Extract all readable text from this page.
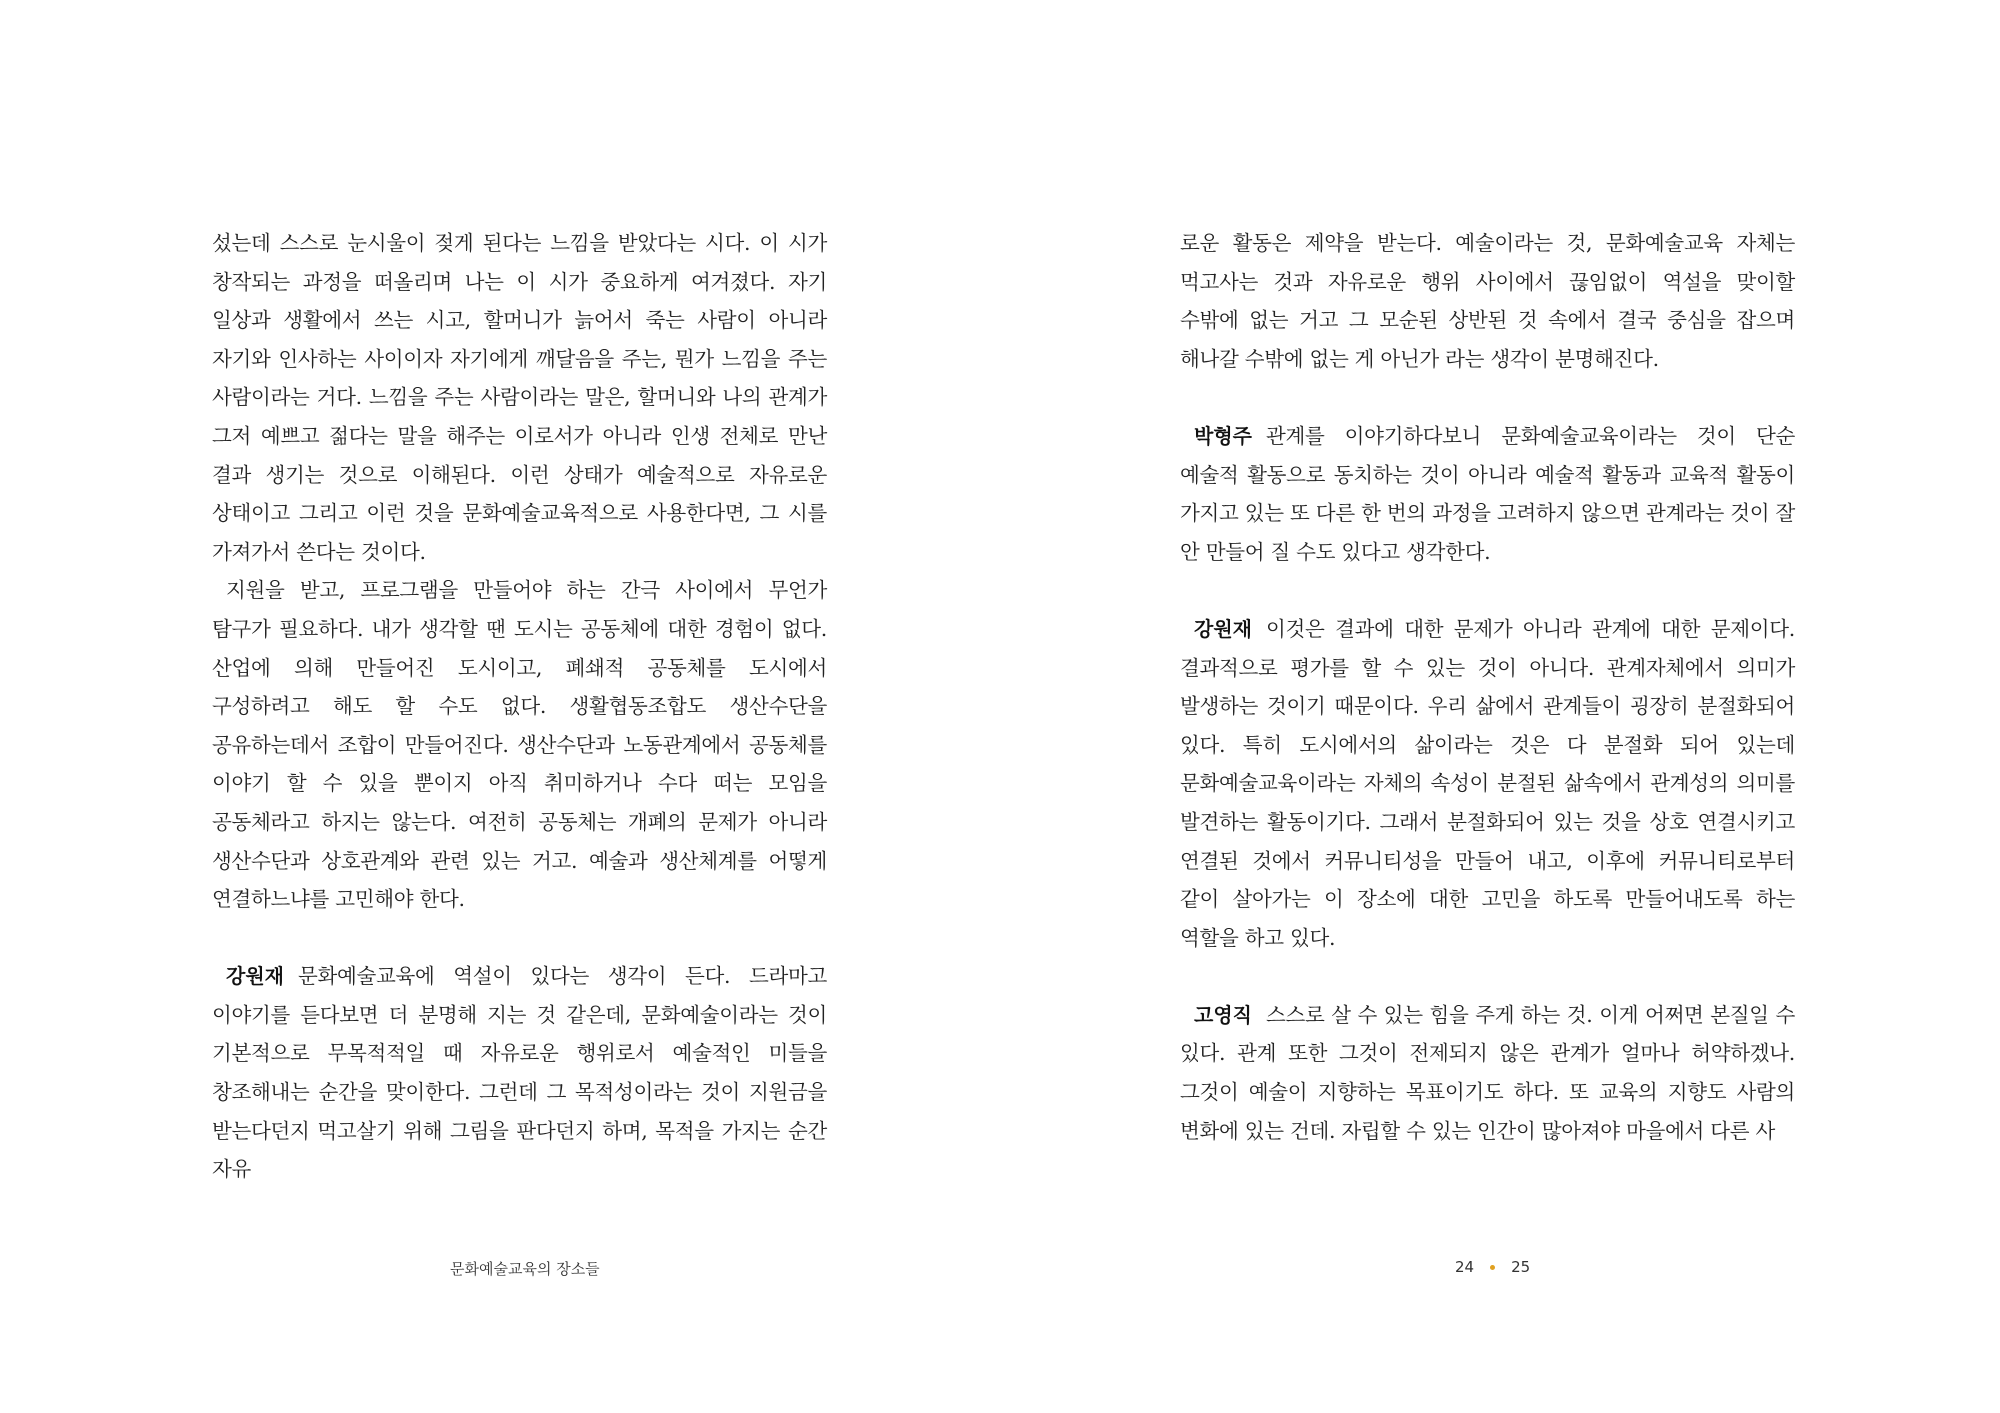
섰는데 스스로 눈시울이 젖게 된다는 느낌을 받았다는 시다. 이 시가 창작되는 과정을 떠올리며 나는 이 시가 중요하게 여겨졌다. 자기 일상과 생활에서 쓰는 시고, 할머니가 늙어서 죽는 사람이 아니라 자기와 인사하는 사이이자 자기에게 깨달음을 주는, 뭔가 느낌을 주는 사람이라는 거다. 느낌을 주는 사람이라는 말은, 할머니와 나의 관계가 그저 예쁘고 젊다는 말을 해주는 이로서가 아니라 인생 전체로 만난 결과 생기는 것으로 이해된다. 이런 상태가 예술적으로 자유로운 상태이고 그리고 이런 것을 문화예술교육적으로 사용한다면, 그 시를 가져가서 쓴다는 것이다.

지원을 받고, 프로그램을 만들어야 하는 간극 사이에서 무언가 탐구가 필요하다. 내가 생각할 땐 도시는 공동체에 대한 경험이 없다. 산업에 의해 만들어진 도시이고, 폐쇄적 공동체를 도시에서 구성하려고 해도 할 수도 없다. 생활협동조합도 생산수단을 공유하는데서 조합이 만들어진다. 생산수단과 노동관계에서 공동체를 이야기 할 수 있을 뿐이지 아직 취미하거나 수다 떠는 모임을 공동체라고 하지는 않는다. 여전히 공동체는 개폐의 문제가 아니라 생산수단과 상호관계와 관련 있는 거고. 예술과 생산체계를 어떻게 연결하느냐를 고민해야 한다.

강원재 문화예술교육에 역설이 있다는 생각이 든다. 드라마고 이야기를 듣다보면 더 분명해 지는 것 같은데, 문화예술이라는 것이 기본적으로 무목적적일 때 자유로운 행위로서 예술적인 미들을 창조해내는 순간을 맞이한다. 그런데 그 목적성이라는 것이 지원금을 받는다던지 먹고살기 위해 그림을 판다던지 하며, 목적을 가지는 순간 자유

로운 활동은 제약을 받는다. 예술이라는 것, 문화예술교육 자체는 먹고사는 것과 자유로운 행위 사이에서 끊임없이 역설을 맞이할 수밖에 없는 거고 그 모순된 상반된 것 속에서 결국 중심을 잡으며 해나갈 수밖에 없는 게 아닌가 라는 생각이 분명해진다.

박형주 관계를 이야기하다보니 문화예술교육이라는 것이 단순 예술적 활동으로 동치하는 것이 아니라 예술적 활동과 교육적 활동이 가지고 있는 또 다른 한 번의 과정을 고려하지 않으면 관계라는 것이 잘 안 만들어 질 수도 있다고 생각한다.

강원재 이것은 결과에 대한 문제가 아니라 관계에 대한 문제이다. 결과적으로 평가를 할 수 있는 것이 아니다. 관계자체에서 의미가 발생하는 것이기 때문이다. 우리 삶에서 관계들이 굉장히 분절화되어 있다. 특히 도시에서의 삶이라는 것은 다 분절화 되어 있는데 문화예술교육이라는 자체의 속성이 분절된 삶속에서 관계성의 의미를 발견하는 활동이기다. 그래서 분절화되어 있는 것을 상호 연결시키고 연결된 것에서 커뮤니티성을 만들어 내고, 이후에 커뮤니티로부터 같이 살아가는 이 장소에 대한 고민을 하도록 만들어내도록 하는 역할을 하고 있다.

고영직 스스로 살 수 있는 힘을 주게 하는 것. 이게 어쩌면 본질일 수 있다. 관계 또한 그것이 전제되지 않은 관계가 얼마나 허약하겠나. 그것이 예술이 지향하는 목표이기도 하다. 또 교육의 지향도 사람의 변화에 있는 건데. 자립할 수 있는 인간이 많아져야 마을에서 다른 사

문화예술교육의 장소들	24 25
